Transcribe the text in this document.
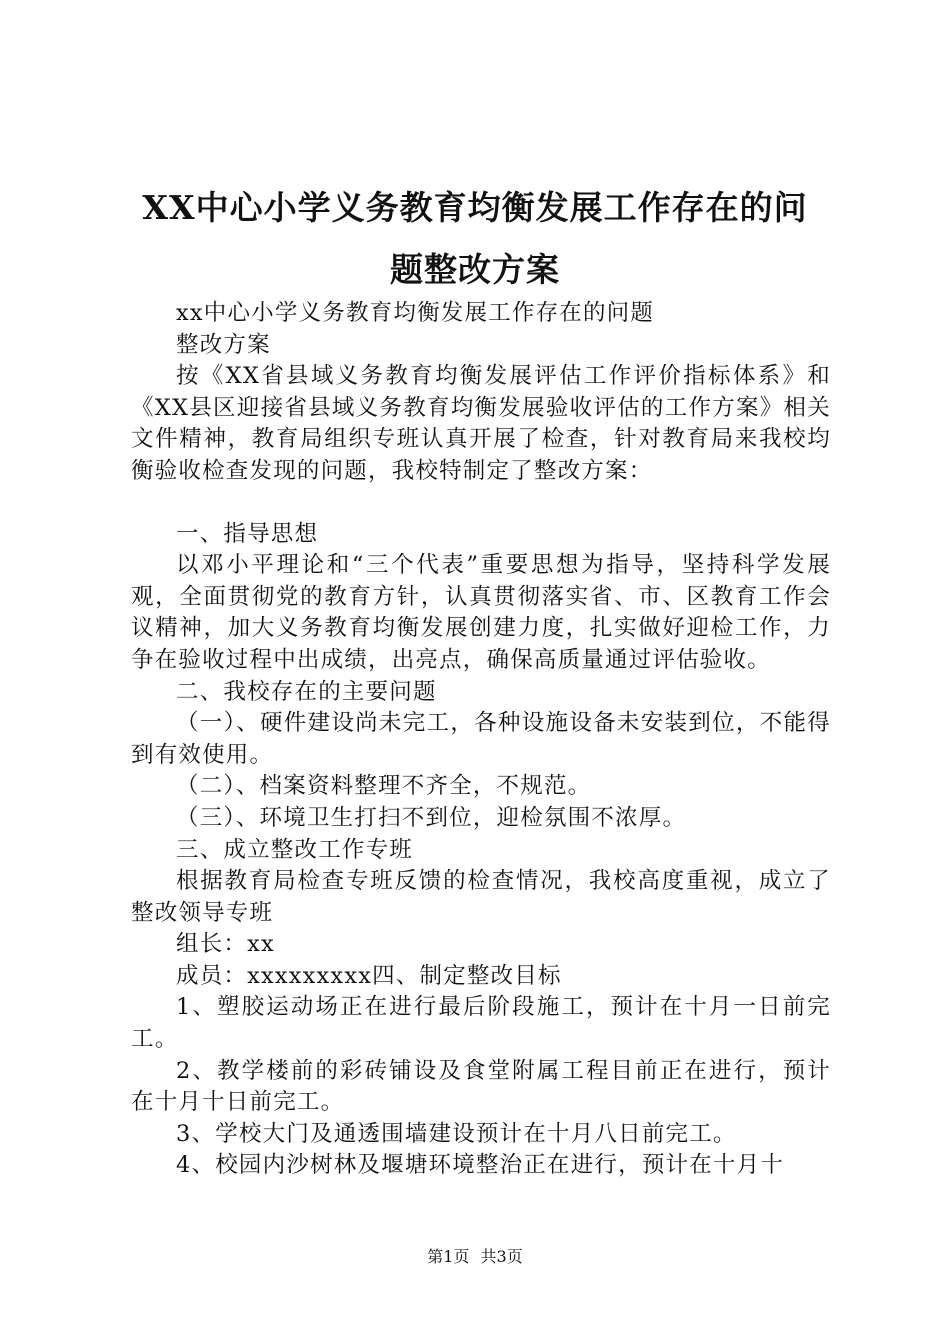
XX中心小学义务教育均衡发展工作存在的问
题整改方案

xx中心小学义务教育均衡发展工作存在的问题

整改方案

按《XX省县域义务教育均衡发展评估工作评价指标体系》和《XX县区迎接省县域义务教育均衡发展验收评估的工作方案》相关文件精神，教育局组织专班认真开展了检查，针对教育局来我校均衡验收检查发现的问题，我校特制定了整改方案：

一、指导思想

以邓小平理论和“三个代表”重要思想为指导，坚持科学发展观，全面贯彻党的教育方针，认真贯彻落实省、市、区教育工作会议精神，加大义务教育均衡发展创建力度，扎实做好迎检工作，力争在验收过程中出成绩，出亮点，确保高质量通过评估验收。

二、我校存在的主要问题

（一）、硬件建设尚未完工，各种设施设备未安装到位，不能得到有效使用。

（二）、档案资料整理不齐全，不规范。

（三）、环境卫生打扫不到位，迎检氛围不浓厚。

三、成立整改工作专班

根据教育局检查专班反馈的检查情况，我校高度重视，成立了整改领导专班

组长：xx

成员：xxxxxxxxx四、制定整改目标

1、塑胶运动场正在进行最后阶段施工，预计在十月一日前完工。

2、教学楼前的彩砖铺设及食堂附属工程目前正在进行，预计在十月十日前完工。

3、学校大门及通透围墙建设预计在十月八日前完工。

4、校园内沙树林及堰塘环境整治正在进行，预计在十月十

第1页 共3页
